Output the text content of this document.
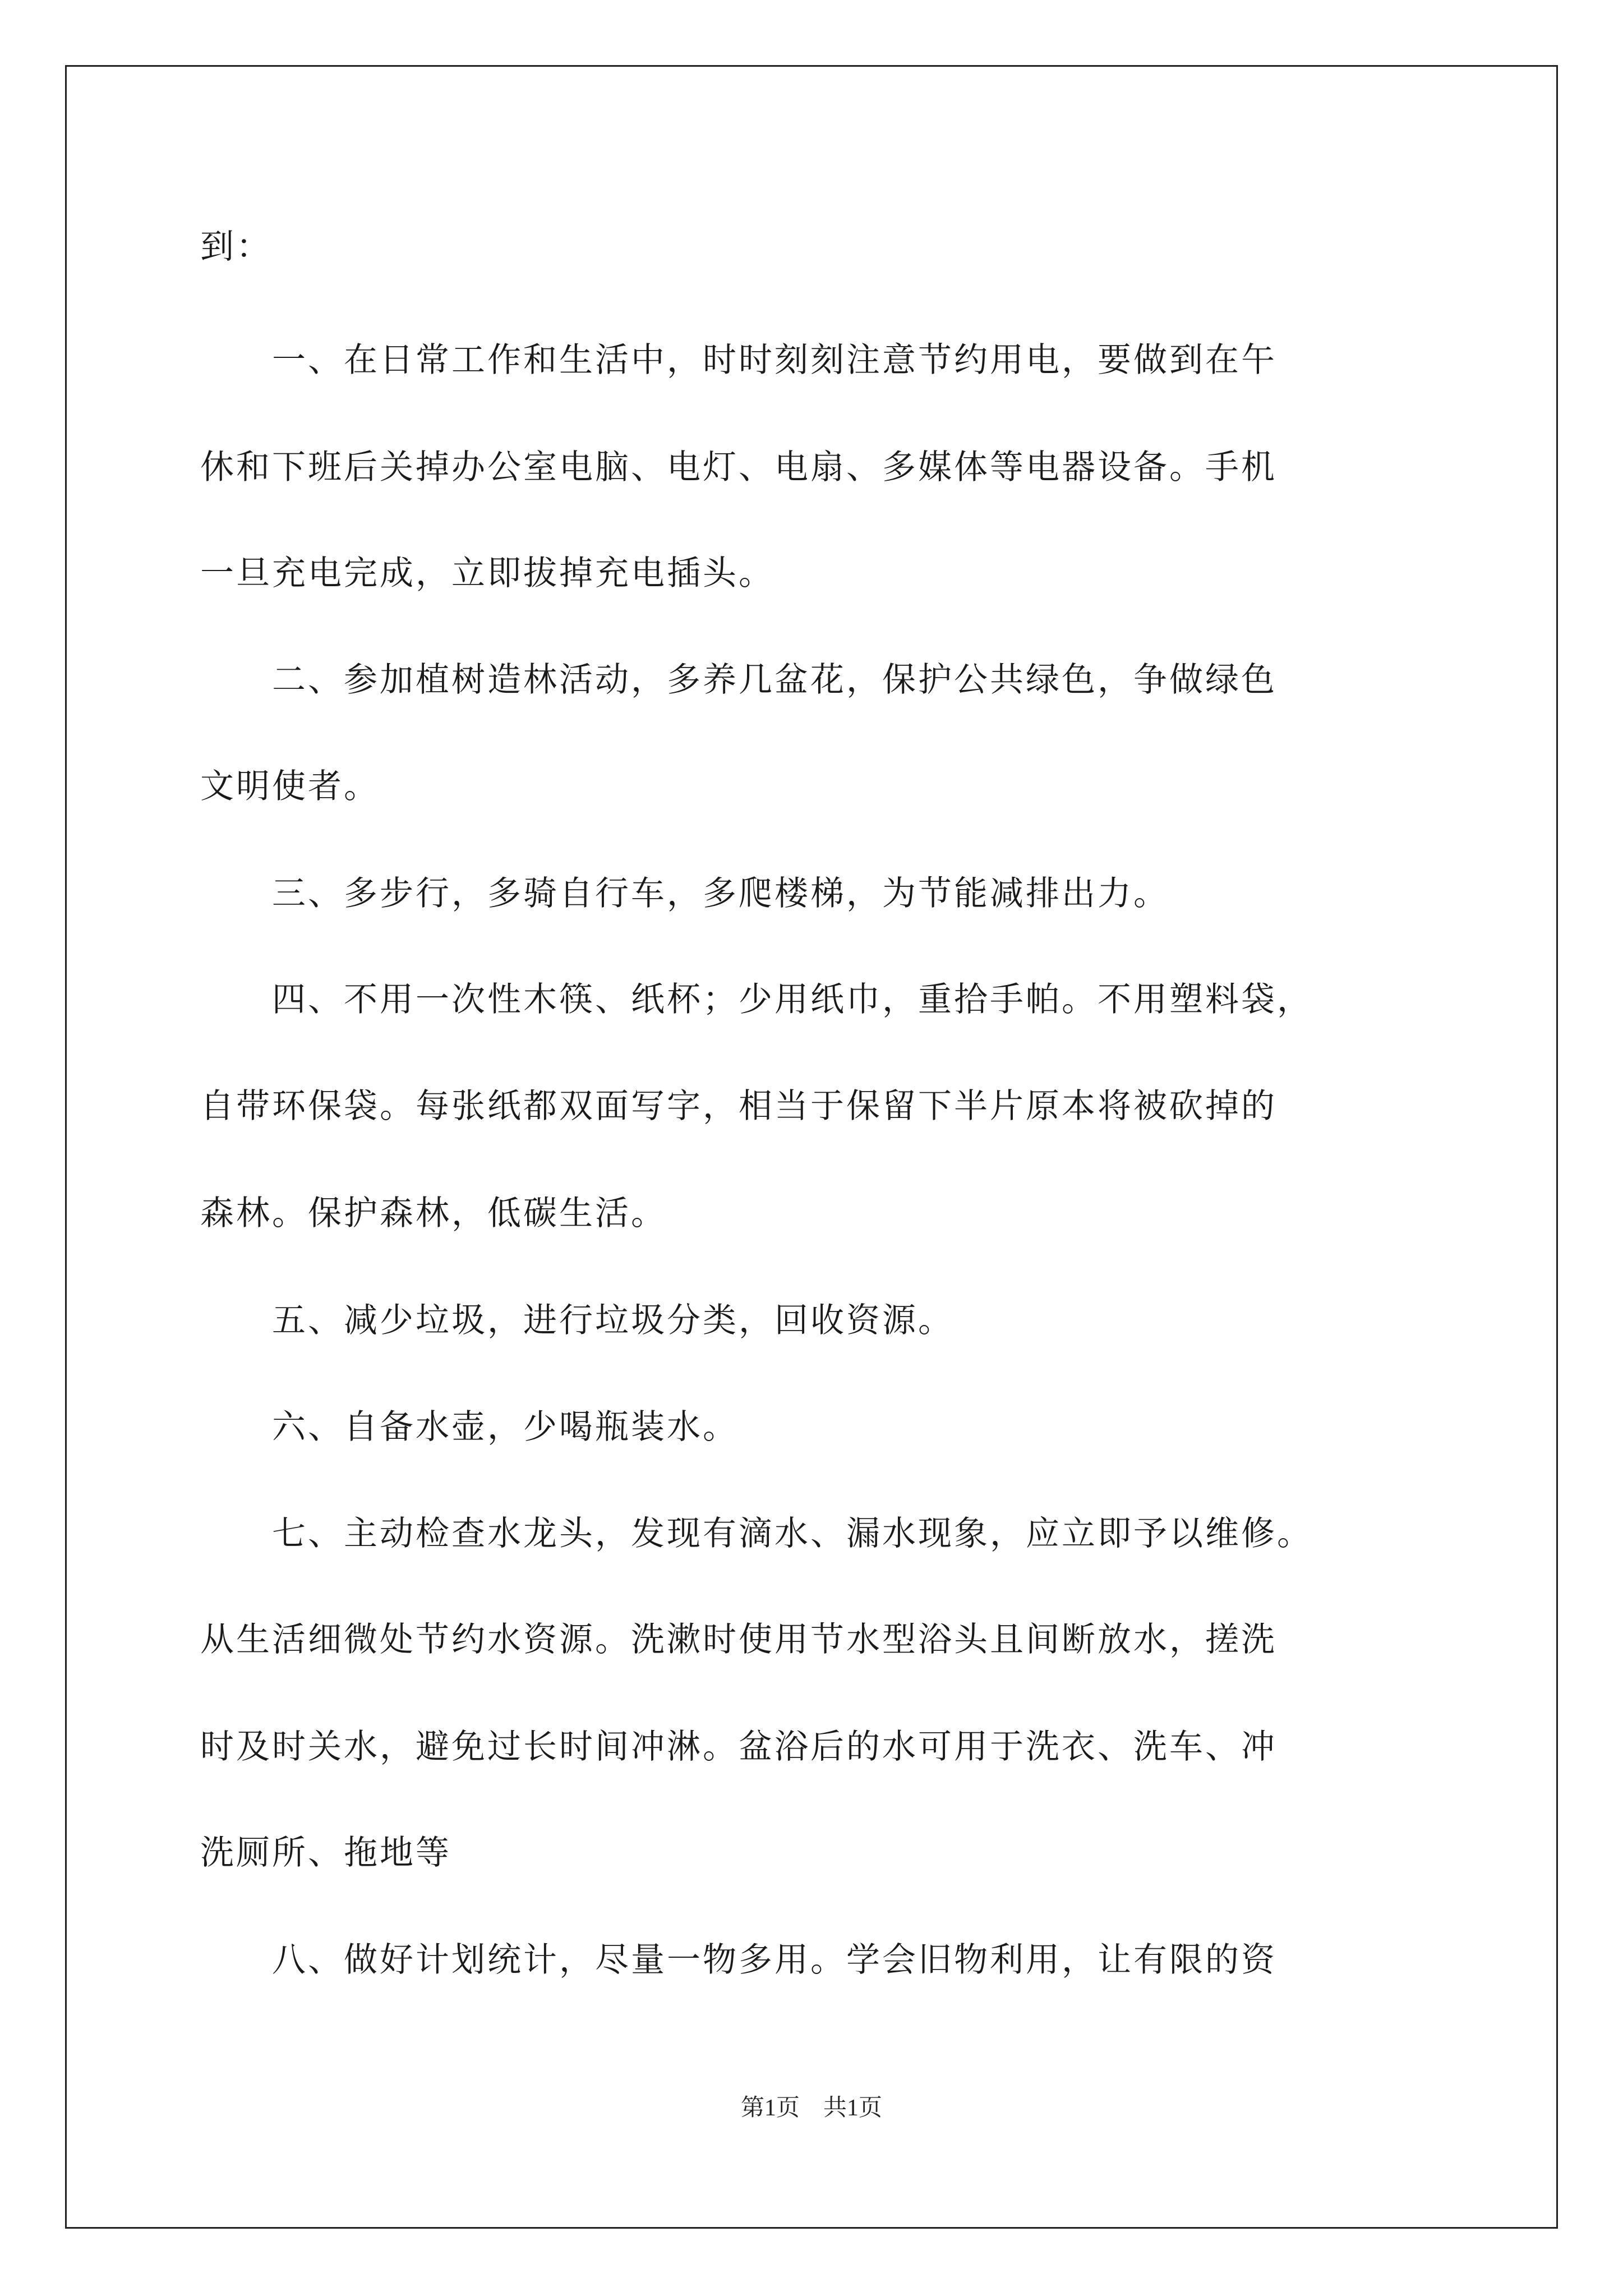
到：
　　一、在日常工作和生活中，时时刻刻注意节约用电，要做到在午
休和下班后关掉办公室电脑、电灯、电扇、多媒体等电器设备。手机
一旦充电完成，立即拔掉充电插头。
　　二、参加植树造林活动，多养几盆花，保护公共绿色，争做绿色
文明使者。
　　三、多步行，多骑自行车，多爬楼梯，为节能减排出力。
　　四、不用一次性木筷、纸杯；少用纸巾，重拾手帕。不用塑料袋，
自带环保袋。每张纸都双面写字，相当于保留下半片原本将被砍掉的
森林。保护森林，低碳生活。
　　五、减少垃圾，进行垃圾分类，回收资源。
　　六、自备水壶，少喝瓶装水。
　　七、主动检查水龙头，发现有滴水、漏水现象，应立即予以维修。
从生活细微处节约水资源。洗漱时使用节水型浴头且间断放水，搓洗
时及时关水，避免过长时间冲淋。盆浴后的水可用于洗衣、洗车、冲
洗厕所、拖地等
　　八、做好计划统计，尽量一物多用。学会旧物利用，让有限的资
第1页　共1页
